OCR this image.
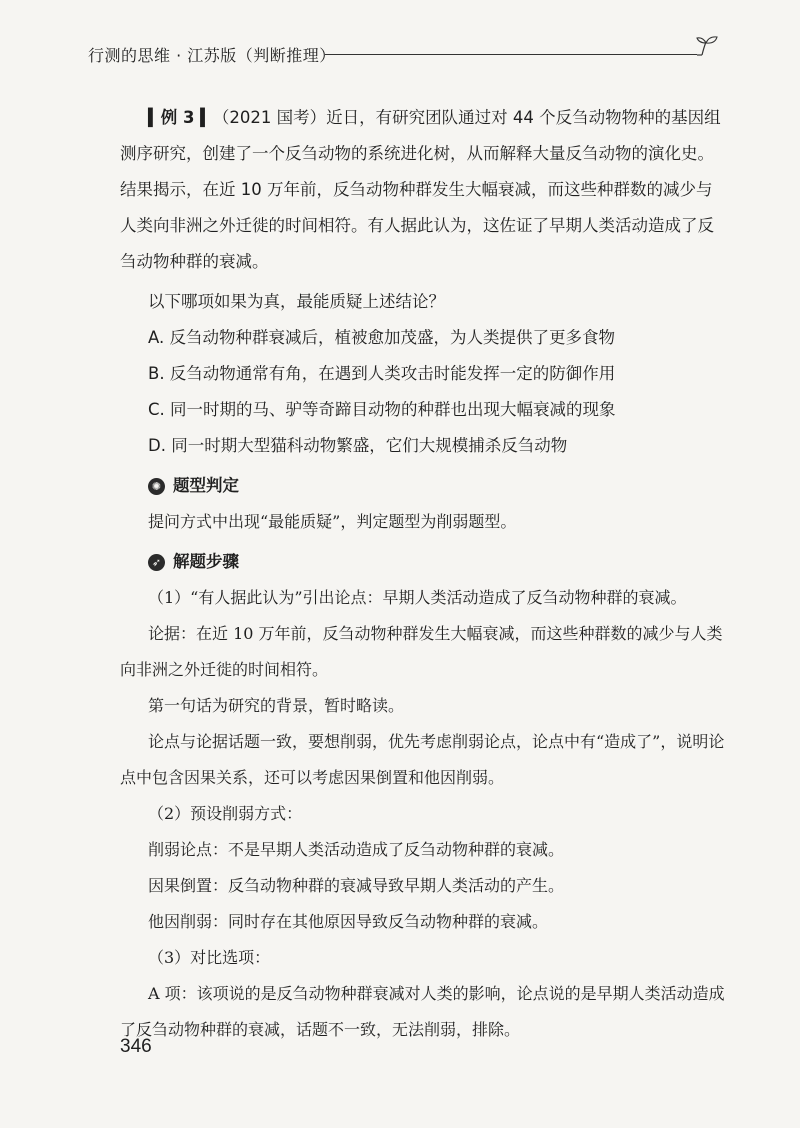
行测的思维 · 江苏版（判断推理）

▍例 3 ▍（2021 国考）近日，有研究团队通过对 44 个反刍动物物种的基因组测序研究，创建了一个反刍动物的系统进化树，从而解释大量反刍动物的演化史。结果揭示，在近 10 万年前，反刍动物种群发生大幅衰减，而这些种群数的减少与人类向非洲之外迁徙的时间相符。有人据此认为，这佐证了早期人类活动造成了反刍动物种群的衰减。

以下哪项如果为真，最能质疑上述结论？

A. 反刍动物种群衰减后，植被愈加茂盛，为人类提供了更多食物

B. 反刍动物通常有角，在遇到人类攻击时能发挥一定的防御作用

C. 同一时期的马、驴等奇蹄目动物的种群也出现大幅衰减的现象

D. 同一时期大型猫科动物繁盛，它们大规模捕杀反刍动物

✺ 题型判定

提问方式中出现“最能质疑”，判定题型为削弱题型。

➶ 解题步骤

（1）“有人据此认为”引出论点：早期人类活动造成了反刍动物种群的衰减。

论据：在近 10 万年前，反刍动物种群发生大幅衰减，而这些种群数的减少与人类向非洲之外迁徙的时间相符。

第一句话为研究的背景，暂时略读。

论点与论据话题一致，要想削弱，优先考虑削弱论点，论点中有“造成了”，说明论点中包含因果关系，还可以考虑因果倒置和他因削弱。

（2）预设削弱方式：

削弱论点：不是早期人类活动造成了反刍动物种群的衰减。

因果倒置：反刍动物种群的衰减导致早期人类活动的产生。

他因削弱：同时存在其他原因导致反刍动物种群的衰减。

（3）对比选项：

A 项：该项说的是反刍动物种群衰减对人类的影响，论点说的是早期人类活动造成了反刍动物种群的衰减，话题不一致，无法削弱，排除。

346
